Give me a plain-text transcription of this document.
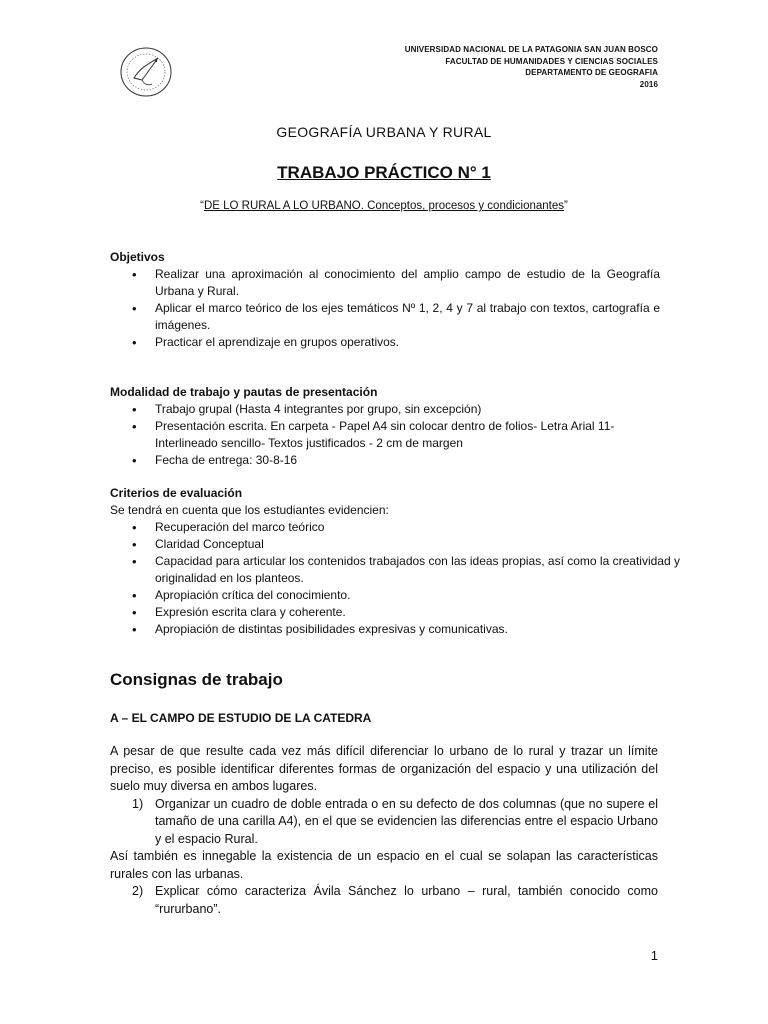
UNIVERSIDAD NACIONAL DE LA PATAGONIA SAN JUAN BOSCO
FACULTAD DE HUMANIDADES Y CIENCIAS SOCIALES
DEPARTAMENTO DE GEOGRAFIA
2016
GEOGRAFÍA URBANA Y RURAL
TRABAJO PRÁCTICO N° 1
“DE LO RURAL A LO URBANO. Conceptos, procesos y condicionantes”
Objetivos
• Realizar una aproximación al conocimiento del amplio campo de estudio de la Geografía Urbana y Rural.
• Aplicar el marco teórico de los ejes temáticos Nº 1, 2, 4 y 7 al trabajo con textos, cartografía e imágenes.
• Practicar el aprendizaje en grupos operativos.
Modalidad de trabajo y pautas de presentación
• Trabajo grupal (Hasta 4 integrantes por grupo, sin excepción)
• Presentación escrita. En carpeta - Papel A4 sin colocar dentro de folios- Letra Arial 11- Interlineado sencillo- Textos justificados - 2 cm de margen
• Fecha de entrega: 30-8-16
Criterios de evaluación
Se tendrá en cuenta que los estudiantes evidencien:
• Recuperación del marco teórico
• Claridad Conceptual
• Capacidad para articular los contenidos trabajados con las ideas propias, así como la creatividad y originalidad en los planteos.
• Apropiación crítica del conocimiento.
• Expresión escrita clara y coherente.
• Apropiación de distintas posibilidades expresivas y comunicativas.
Consignas de trabajo
A – EL CAMPO DE ESTUDIO DE LA CATEDRA
A pesar de que resulte cada vez más difícil diferenciar lo urbano de lo rural y trazar un límite preciso, es posible identificar diferentes formas de organización del espacio y una utilización del suelo muy diversa en ambos lugares.
1) Organizar un cuadro de doble entrada o en su defecto de dos columnas (que no supere el tamaño de una carilla A4), en el que se evidencien las diferencias entre el espacio Urbano y el espacio Rural.
Así también es innegable la existencia de un espacio en el cual se solapan las características rurales con las urbanas.
2) Explicar cómo caracteriza Ávila Sánchez lo urbano – rural, también conocido como “rururbano”.
1
